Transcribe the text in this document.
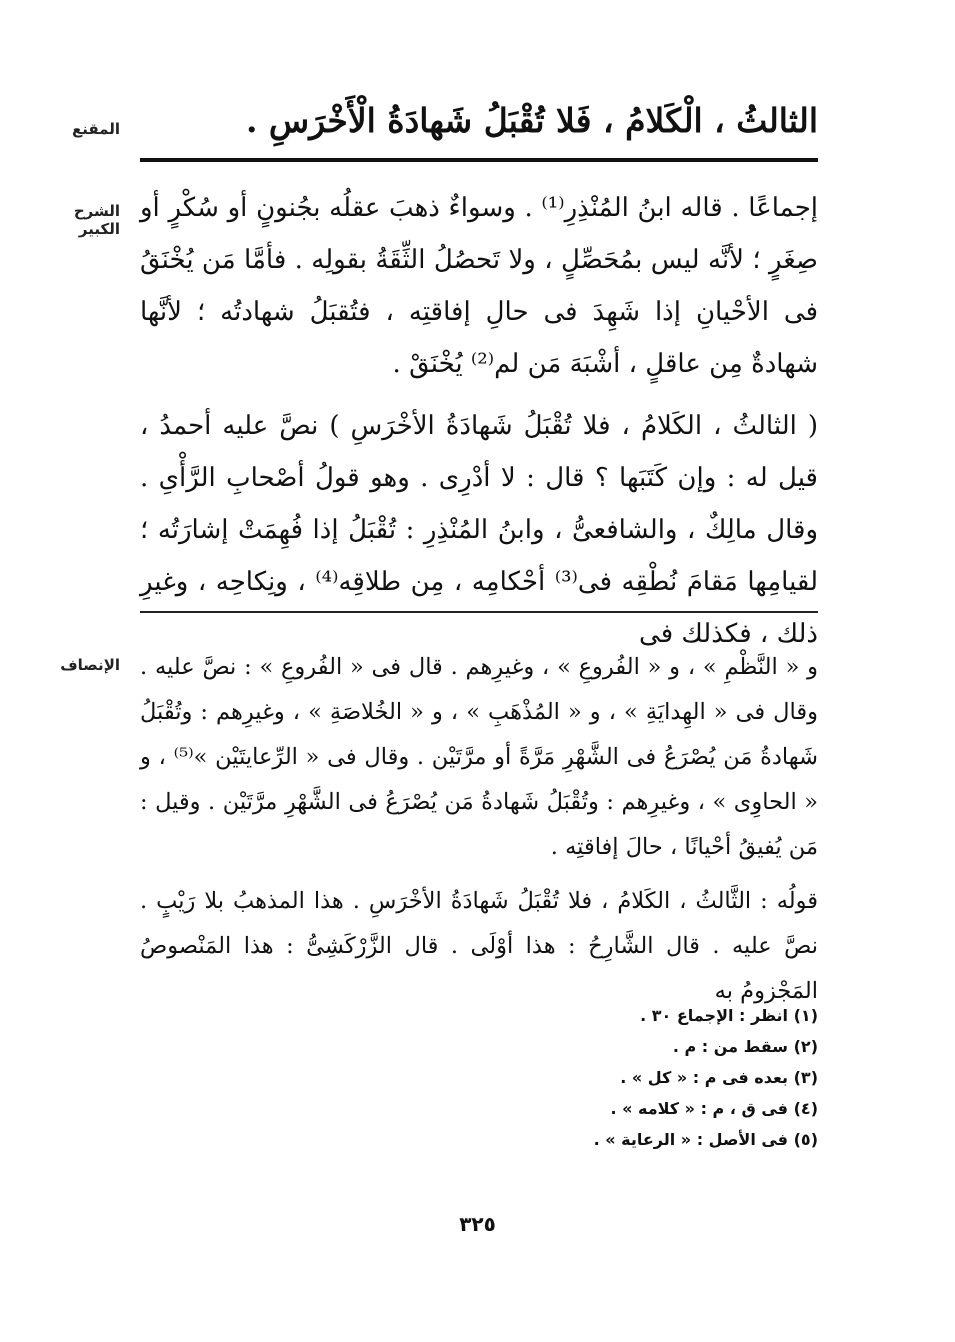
المقنع	الثالثُ ، الْكَلامُ ، فَلا تُقْبَلُ شَهادَةُ الْأَخْرَسِ .
الشرح الكبير

إجماعًا . قاله ابنُ المُنْذِرِ⁽¹⁾ . وسواءٌ ذهبَ عقلُه بجُنونٍ أو سُكْرٍ أو صِغَرٍ ؛ لأنَّه ليس بمُحَصِّلٍ ، ولا تَحصُلُ الثِّقَةُ بقولِه . فأمَّا مَن يُخْنَقُ فى الأحْيانِ إذا شَهِدَ فى حالِ إفاقتِه ، فتُقبَلُ شهادتُه ؛ لأنَّها شهادةٌ مِن عاقلٍ ، أشْبَهَ مَن لم⁽²⁾ يُخْنَقْ .

( الثالثُ ، الكَلامُ ، فلا تُقْبَلُ شَهادَةُ الأخْرَسِ ) نصَّ عليه أحمدُ ، قيل له : وإن كَتَبَها ؟ قال : لا أدْرِى . وهو قولُ أصْحابِ الرَّأْىِ . وقال مالِكٌ ، والشافعىُّ ، وابنُ المُنْذِرِ : تُقْبَلُ إذا فُهِمَتْ إشارَتُه ؛ لقيامِها مَقامَ نُطْقِه فى⁽³⁾ أحْكامِه ، مِن طلاقِه⁽⁴⁾ ، ونِكاحِه ، وغيرِ ذلك ، فكذلك فى

الإنصاف و « النَّظْمِ » ، و « الفُروعِ » ، وغيرِهم . قال فى « الفُروعِ » : نصَّ عليه . وقال فى « الهِدايَةِ » ، و « المُذْهَبِ » ، و « الخُلاصَةِ » ، وغيرِهم : وتُقْبَلُ شَهادةُ مَن يُصْرَعُ فى الشَّهْرِ مَرَّةً أو مرَّتَيْن . وقال فى « الرِّعايتَيْن »⁽⁵⁾ ، و « الحاوِى » ، وغيرِهم : وتُقْبَلُ شَهادةُ مَن يُصْرَعُ فى الشَّهْرِ مرَّتَيْن . وقيل : مَن يُفيقُ أحْيانًا ، حالَ إفاقتِه .

قولُه : الثَّالثُ ، الكَلامُ ، فلا تُقْبَلُ شَهادَةُ الأخْرَسِ . هذا المذهبُ بلا رَيْبٍ . نصَّ عليه . قال الشَّارِحُ : هذا أوْلَى . قال الزَّرْكَشِىُّ : هذا المَنْصوصُ المَجْزومُ به

(١) انظر : الإجماع ٣٠ .
(٢) سقط من : م .
(٣) بعده فى م : « كل » .
(٤) فى ق ، م : « كلامه » .
(٥) فى الأصل : « الرعاية » .
٣٢٥
